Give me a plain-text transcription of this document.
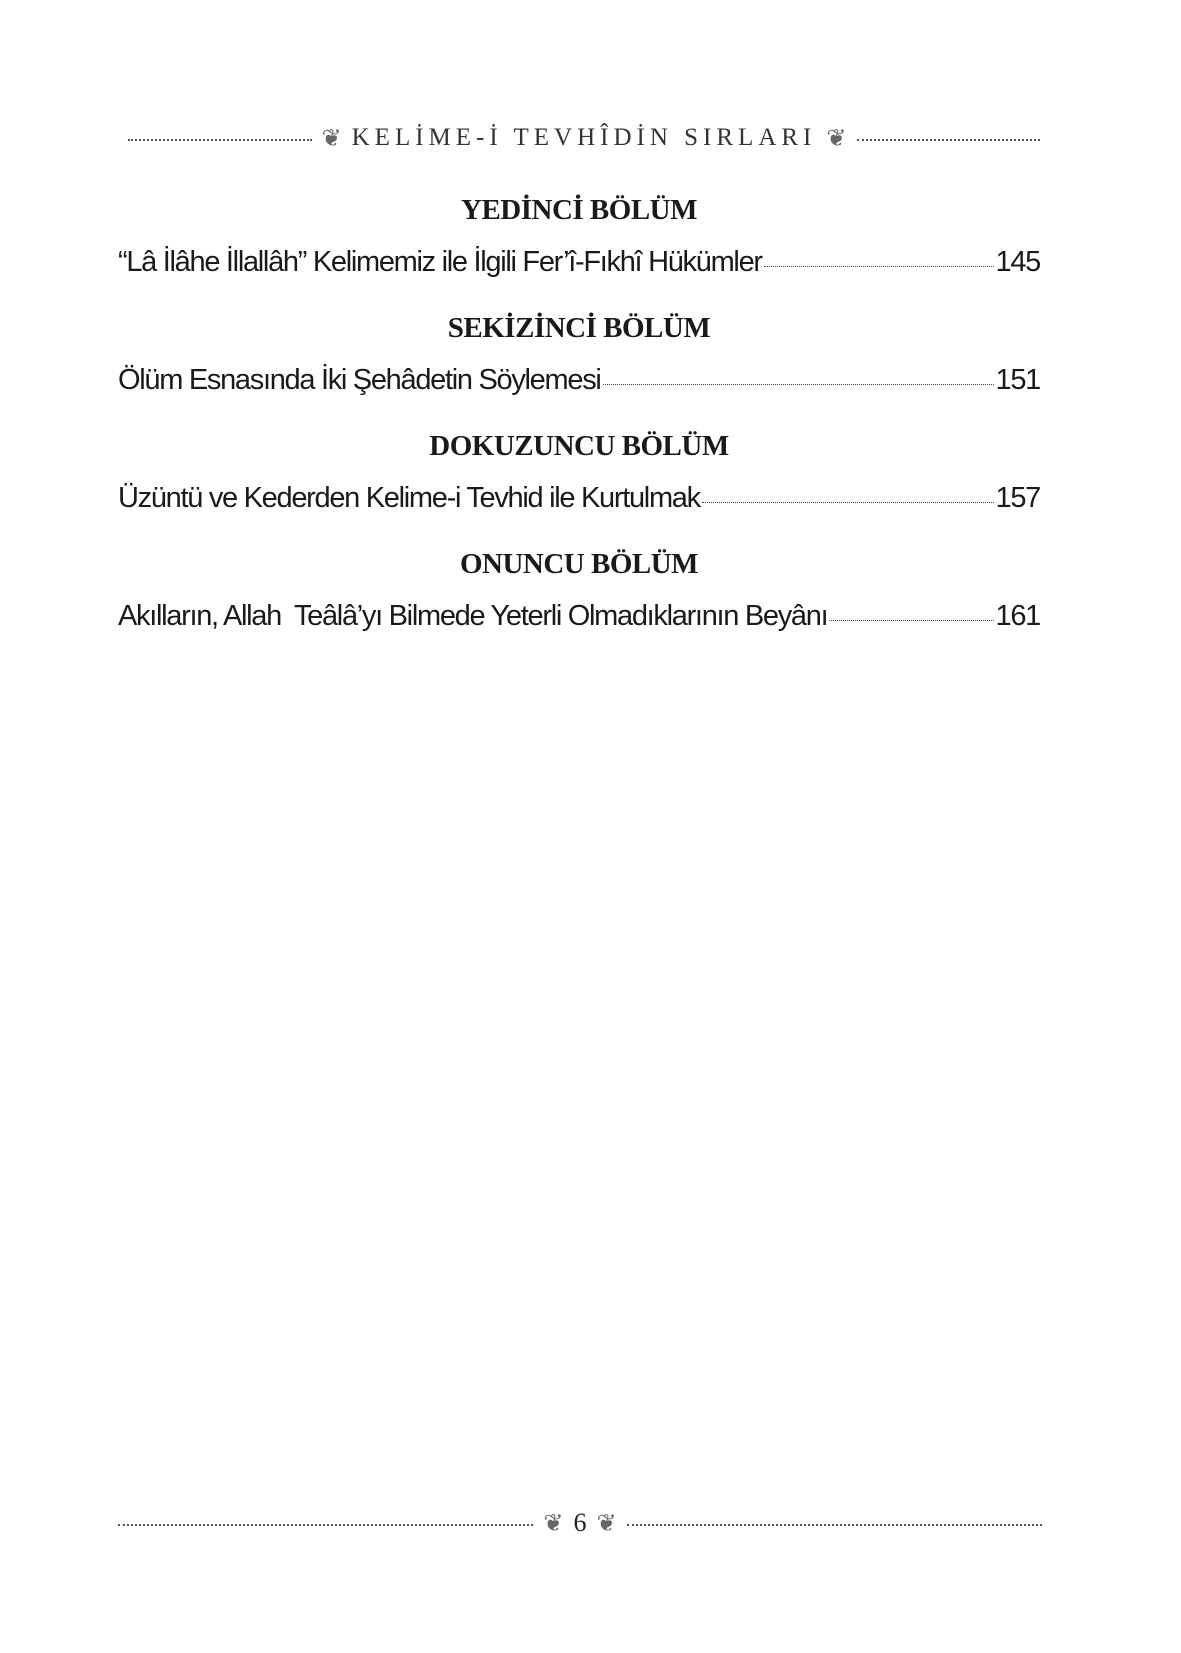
❦ KELİME-İ TEVHÎDİN SIRLARI ❦
YEDİNCİ BÖLÜM
“Lâ İlâhe İllallâh” Kelimemiz ile İlgili Fer’î-Fıkhî Hükümler	145
SEKİZİNCİ BÖLÜM
Ölüm Esnasında İki Şehâdetin Söylemesi	151
DOKUZUNCU BÖLÜM
Üzüntü ve Kederden Kelime-i Tevhid ile Kurtulmak	157
ONUNCU BÖLÜM
Akılların, Allah  Teâlâ’yı Bilmede Yeterli Olmadıklarının Beyânı	161
❦ 6 ❦
